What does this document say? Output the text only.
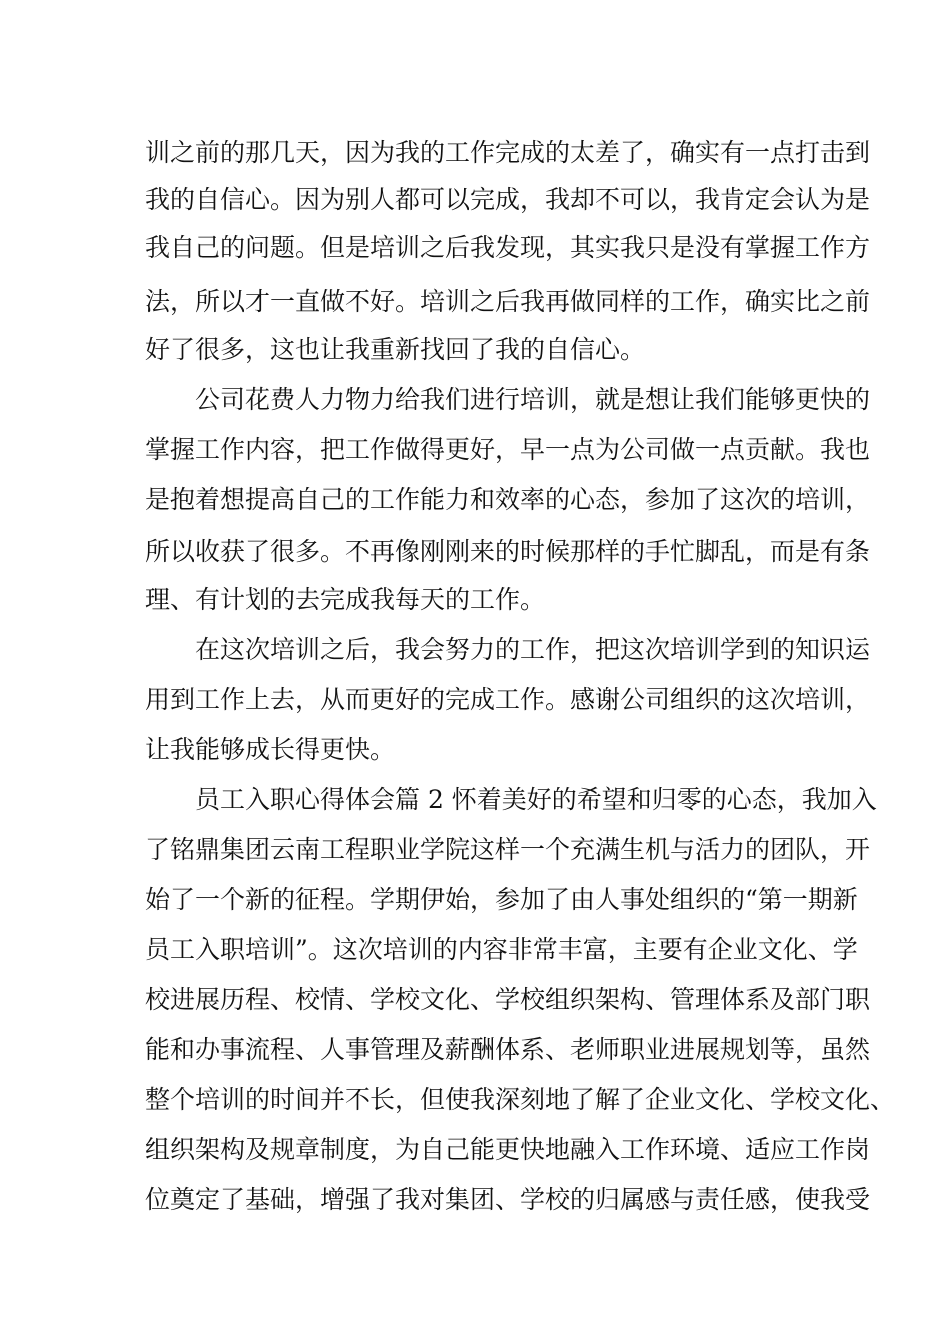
训之前的那几天，因为我的工作完成的太差了，确实有一点打击到
我的自信心。因为别人都可以完成，我却不可以，我肯定会认为是
我自己的问题。但是培训之后我发现，其实我只是没有掌握工作方
法，所以才一直做不好。培训之后我再做同样的工作，确实比之前
好了很多，这也让我重新找回了我的自信心。
公司花费人力物力给我们进行培训，就是想让我们能够更快的
掌握工作内容，把工作做得更好，早一点为公司做一点贡献。我也
是抱着想提高自己的工作能力和效率的心态，参加了这次的培训，
所以收获了很多。不再像刚刚来的时候那样的手忙脚乱，而是有条
理、有计划的去完成我每天的工作。
在这次培训之后，我会努力的工作，把这次培训学到的知识运
用到工作上去，从而更好的完成工作。感谢公司组织的这次培训，
让我能够成长得更快。
员工入职心得体会篇 2 怀着美好的希望和归零的心态，我加入
了铭鼎集团云南工程职业学院这样一个充满生机与活力的团队，开
始了一个新的征程。学期伊始，参加了由人事处组织的“第一期新
员工入职培训”。这次培训的内容非常丰富，主要有企业文化、学
校进展历程、校情、学校文化、学校组织架构、管理体系及部门职
能和办事流程、人事管理及薪酬体系、老师职业进展规划等，虽然
整个培训的时间并不长，但使我深刻地了解了企业文化、学校文化、
组织架构及规章制度，为自己能更快地融入工作环境、适应工作岗
位奠定了基础，增强了我对集团、学校的归属感与责任感，使我受
